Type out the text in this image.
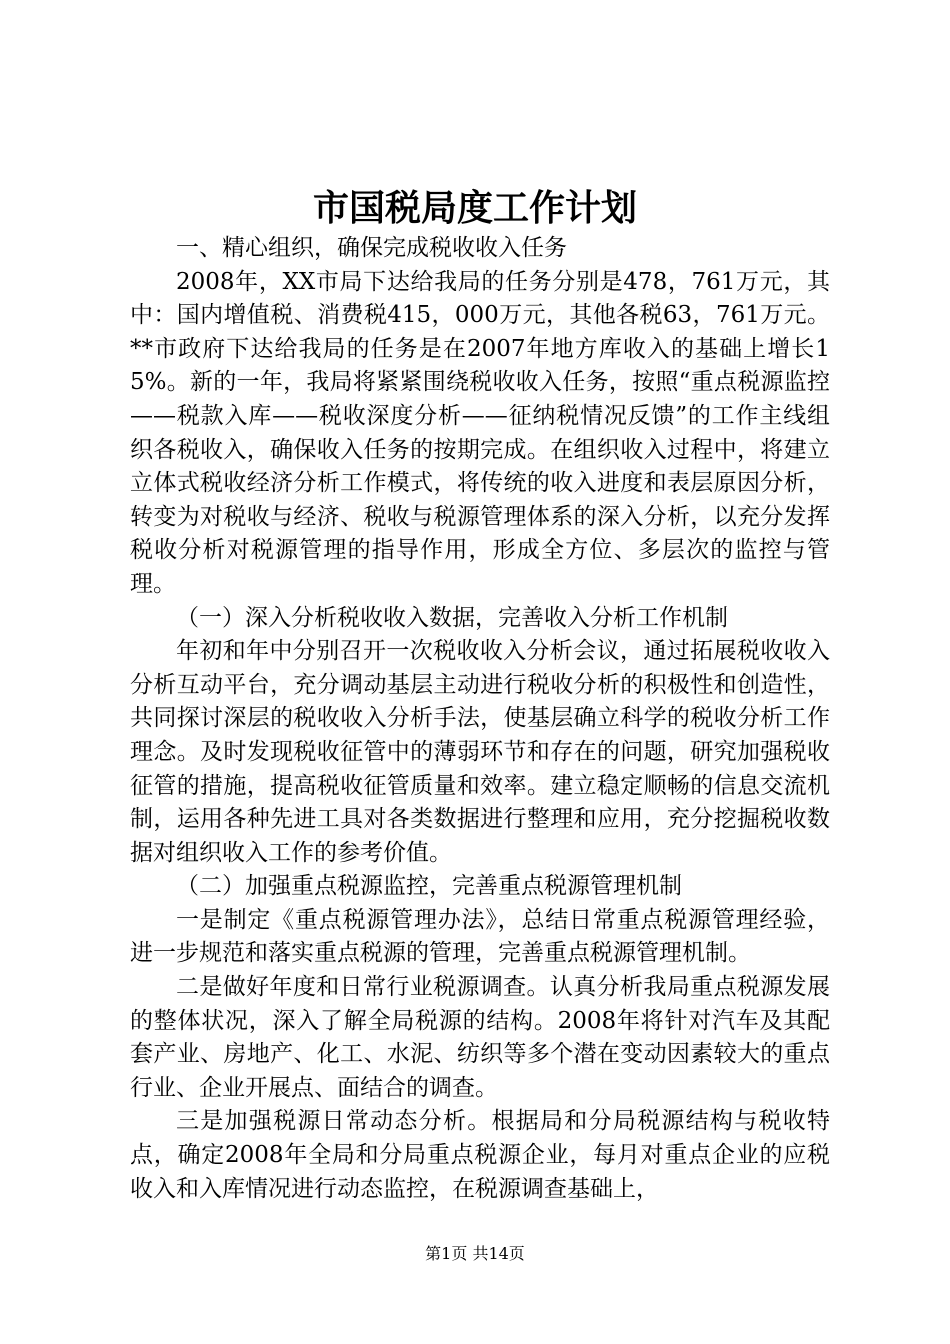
市国税局度工作计划

一、精心组织，确保完成税收收入任务

2008年，XX市局下达给我局的任务分别是478，761万元，其中：国内增值税、消费税415，000万元，其他各税63，761万元。**市政府下达给我局的任务是在2007年地方库收入的基础上增长15%。新的一年，我局将紧紧围绕税收收入任务，按照“重点税源监控——税款入库——税收深度分析——征纳税情况反馈”的工作主线组织各税收入，确保收入任务的按期完成。在组织收入过程中，将建立立体式税收经济分析工作模式，将传统的收入进度和表层原因分析，转变为对税收与经济、税收与税源管理体系的深入分析，以充分发挥税收分析对税源管理的指导作用，形成全方位、多层次的监控与管理。

（一）深入分析税收收入数据，完善收入分析工作机制

年初和年中分别召开一次税收收入分析会议，通过拓展税收收入分析互动平台，充分调动基层主动进行税收分析的积极性和创造性，共同探讨深层的税收收入分析手法，使基层确立科学的税收分析工作理念。及时发现税收征管中的薄弱环节和存在的问题，研究加强税收征管的措施，提高税收征管质量和效率。建立稳定顺畅的信息交流机制，运用各种先进工具对各类数据进行整理和应用，充分挖掘税收数据对组织收入工作的参考价值。

（二）加强重点税源监控，完善重点税源管理机制

一是制定《重点税源管理办法》，总结日常重点税源管理经验，进一步规范和落实重点税源的管理，完善重点税源管理机制。

二是做好年度和日常行业税源调查。认真分析我局重点税源发展的整体状况，深入了解全局税源的结构。2008年将针对汽车及其配套产业、房地产、化工、水泥、纺织等多个潜在变动因素较大的重点行业、企业开展点、面结合的调查。

三是加强税源日常动态分析。根据局和分局税源结构与税收特点，确定2008年全局和分局重点税源企业，每月对重点企业的应税收入和入库情况进行动态监控，在税源调查基础上，

第1页 共14页
